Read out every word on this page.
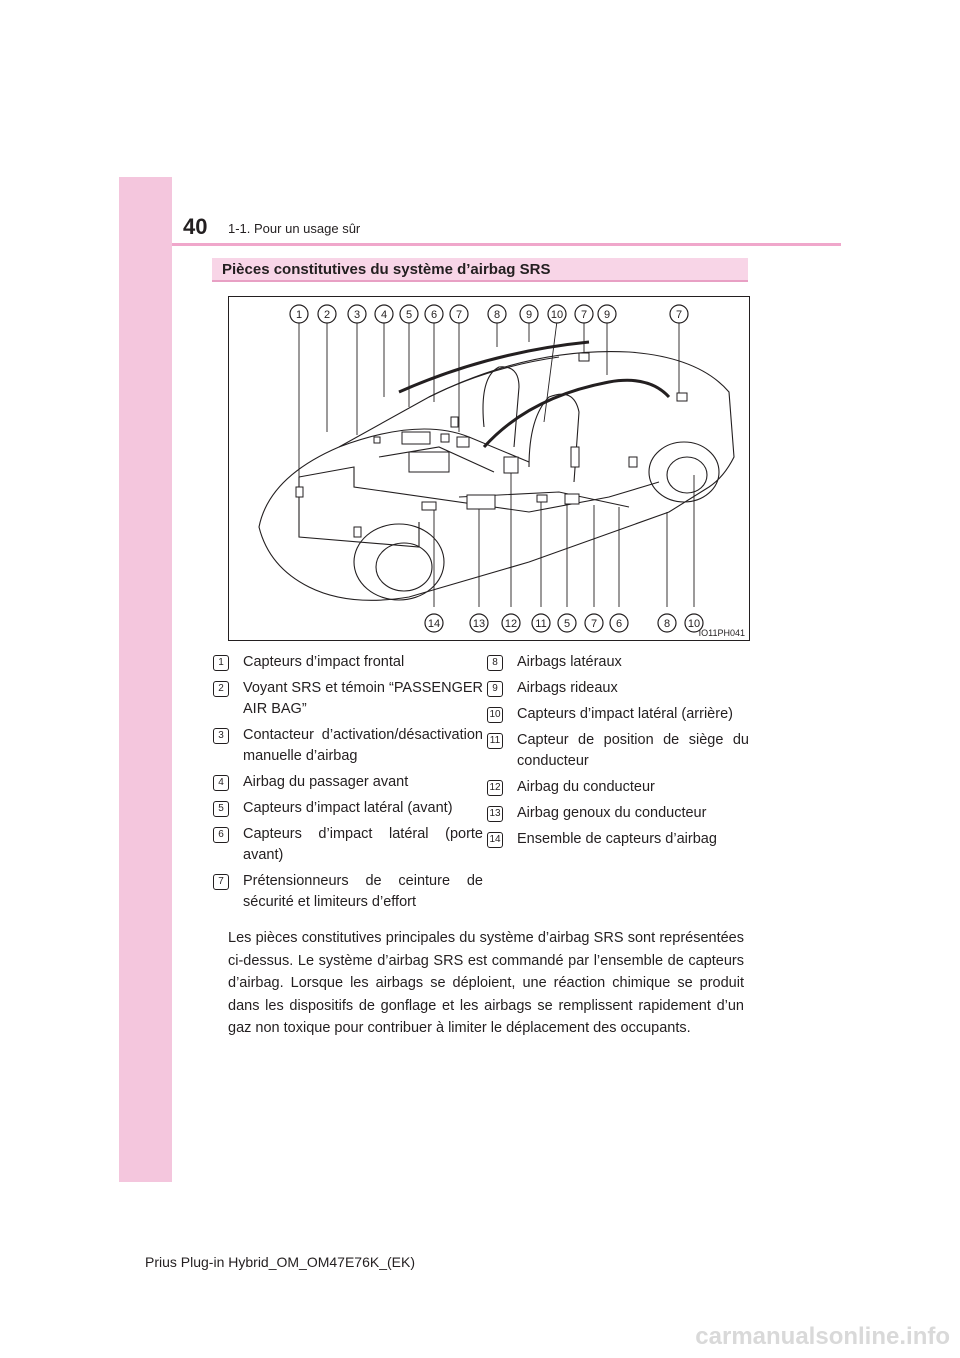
40 1-1. Pour un usage sûr
Pièces constitutives du système d’airbag SRS
1 2 3 4 5 6 7	8 9 10 7 9	7
14	13 12 11 5 7 6	8 10
IO11PH041
1	Capteurs d’impact frontal
2	Voyant SRS et témoin “PASSENGER AIR BAG”
3	Contacteur d’activation/désactivation manuelle d’airbag
4	Airbag du passager avant
5	Capteurs d’impact latéral (avant)
6	Capteurs d’impact latéral (porte avant)
7	Prétensionneurs de ceinture de sécurité et limiteurs d’effort
8	Airbags latéraux
9	Airbags rideaux
10 Capteurs d’impact latéral (arrière)
11 Capteur de position de siège du conducteur
12 Airbag du conducteur
13 Airbag genoux du conducteur
14 Ensemble de capteurs d’airbag
Les pièces constitutives principales du système d’airbag SRS sont représentées ci-dessus. Le système d’airbag SRS est commandé par l’ensemble de capteurs d’airbag. Lorsque les airbags se déploient, une réaction chimique se produit dans les dispositifs de gonflage et les airbags se remplissent rapidement d’un gaz non toxique pour contribuer à limiter le déplacement des occupants.
Prius Plug-in Hybrid_OM_OM47E76K_(EK)
carmanualsonline.info
